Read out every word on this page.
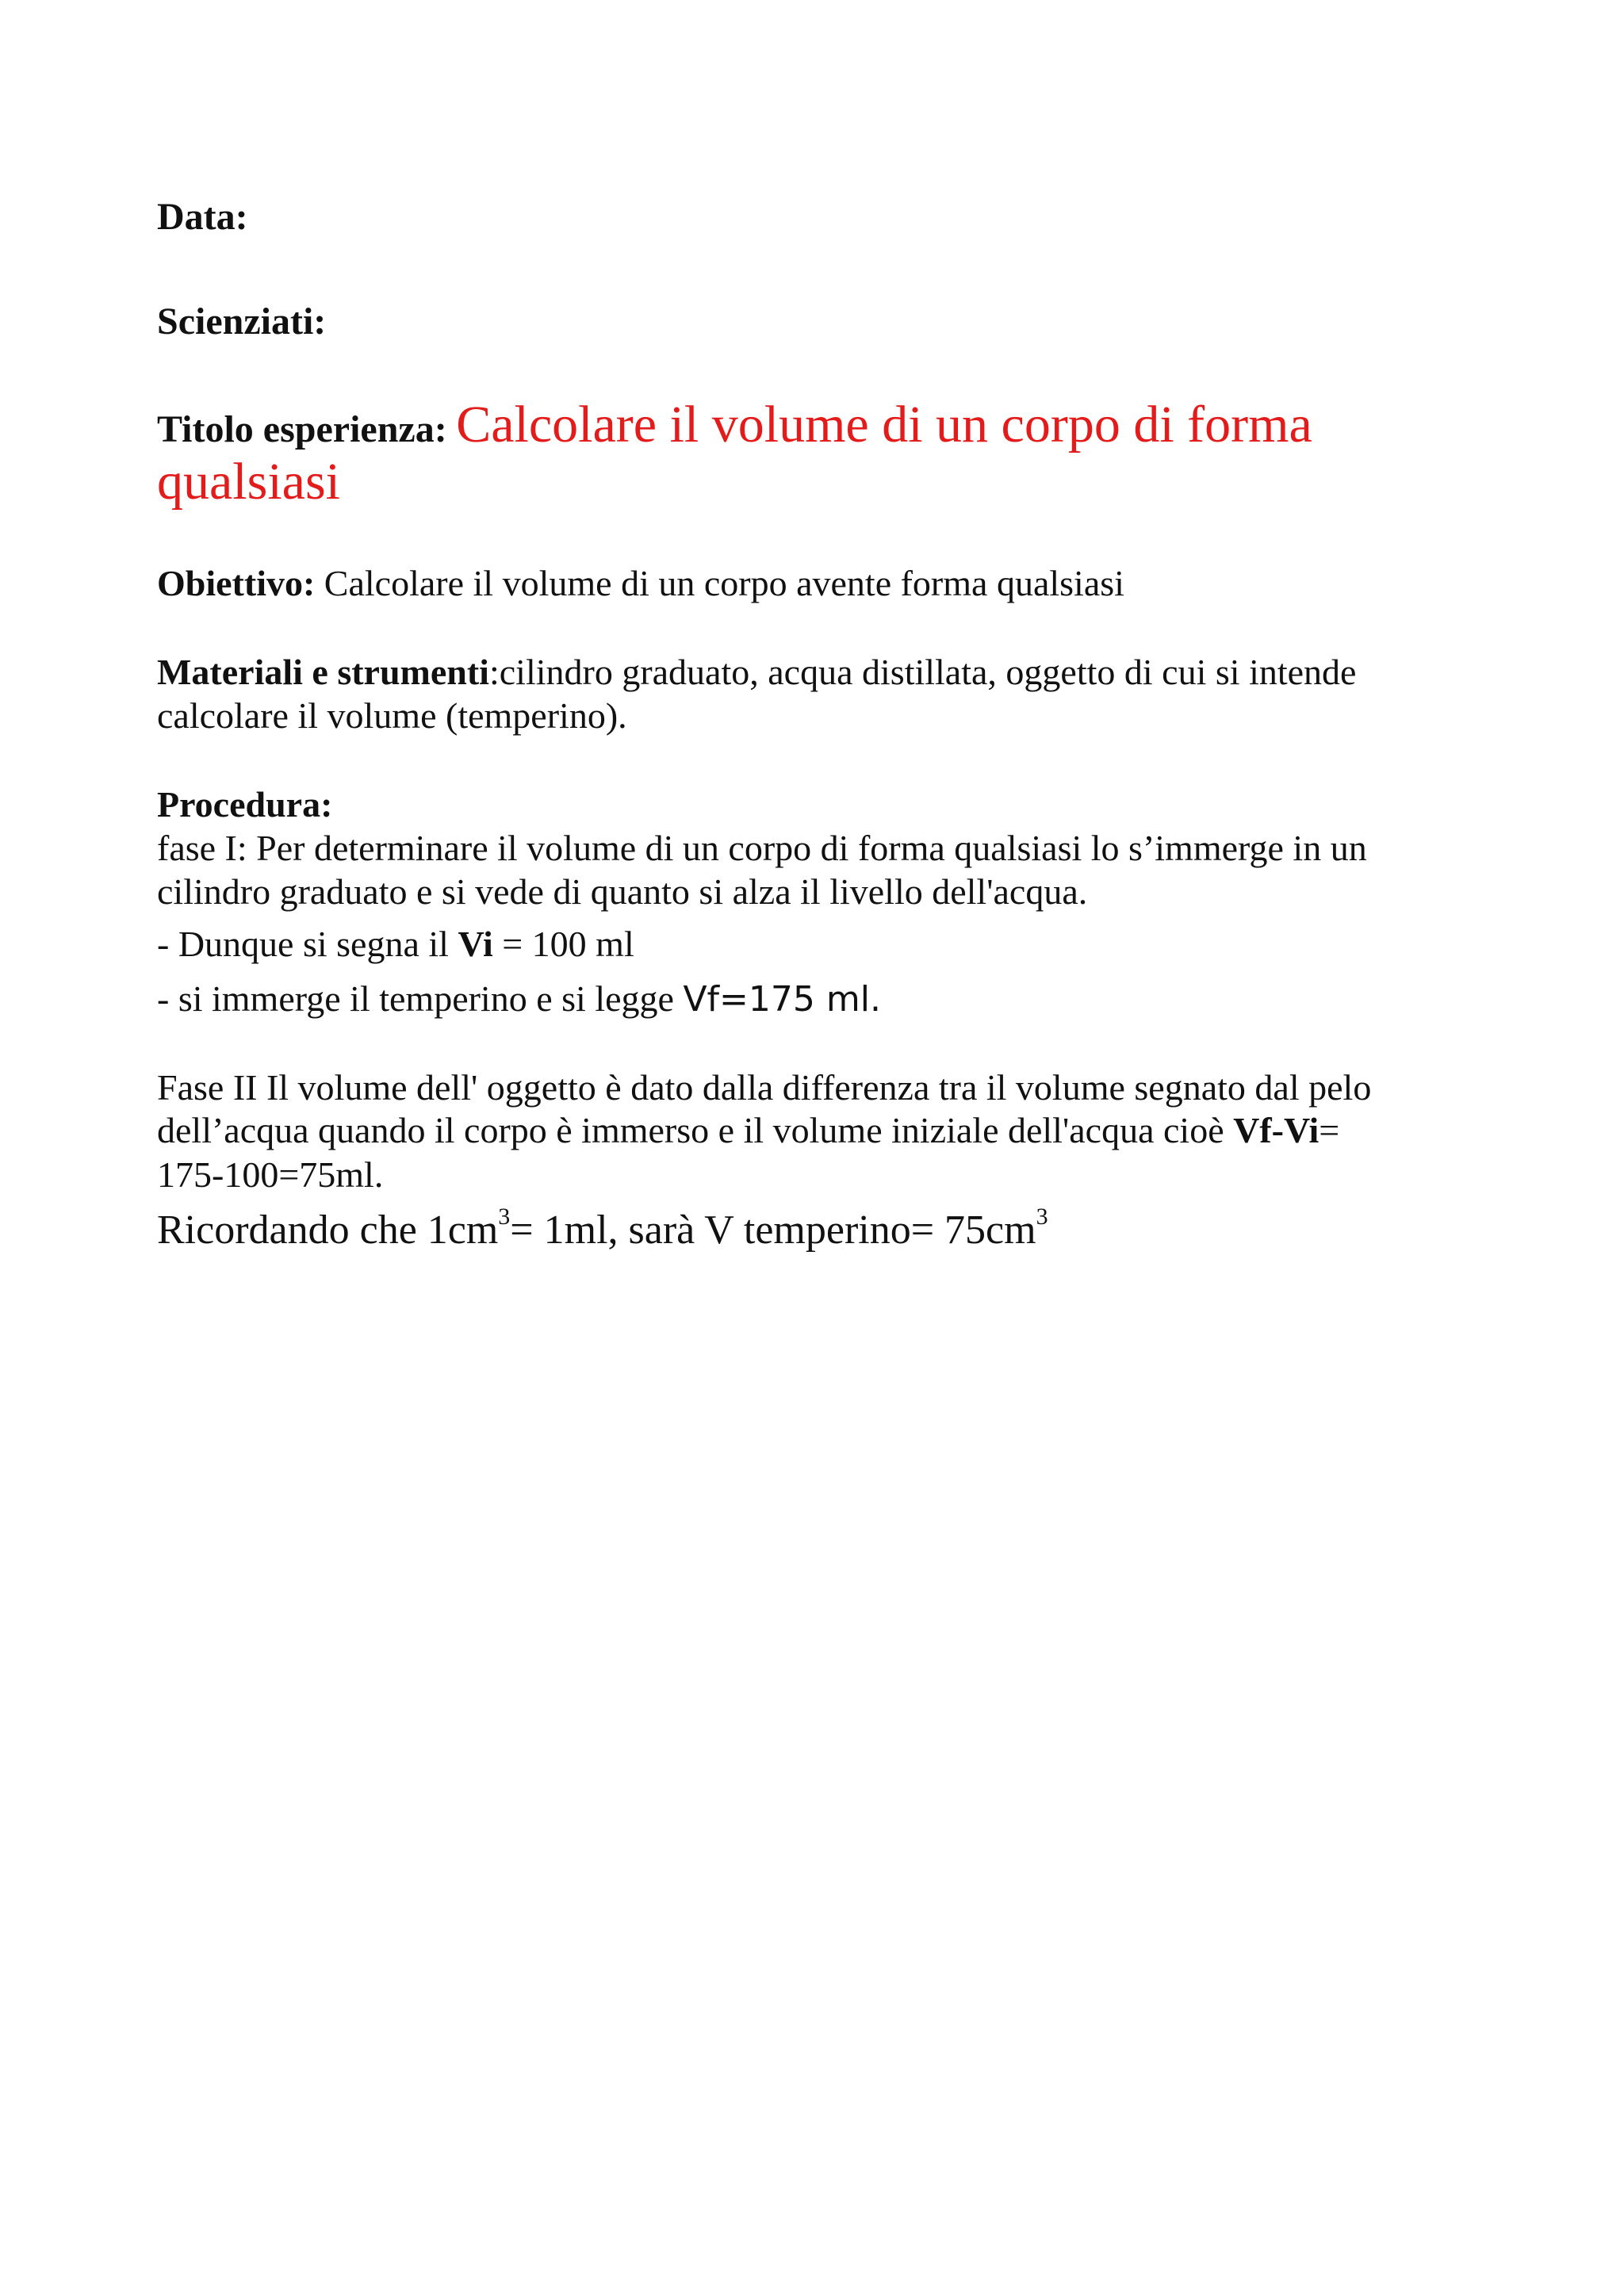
Data:
Scienziati:
Titolo esperienza: Calcolare il volume di un corpo di forma
qualsiasi
Obiettivo: Calcolare il volume di un corpo avente forma qualsiasi
Materiali e strumenti:cilindro graduato, acqua distillata, oggetto di cui si intende
calcolare il volume (temperino).
Procedura:
fase I: Per determinare il volume di un corpo di forma qualsiasi lo s’immerge in un
cilindro graduato e si vede di quanto si alza il livello dell'acqua.
- Dunque si segna il Vi = 100 ml
- si immerge il temperino e si legge Vf=175 ml.
Fase II Il volume dell' oggetto è dato dalla differenza tra il volume segnato dal pelo
dell’acqua quando il corpo è immerso e il volume iniziale dell'acqua cioè Vf-Vi=
175-100=75ml.
Ricordando che $1cm^3= 1ml$, sarà V temperino= $75cm^3$
